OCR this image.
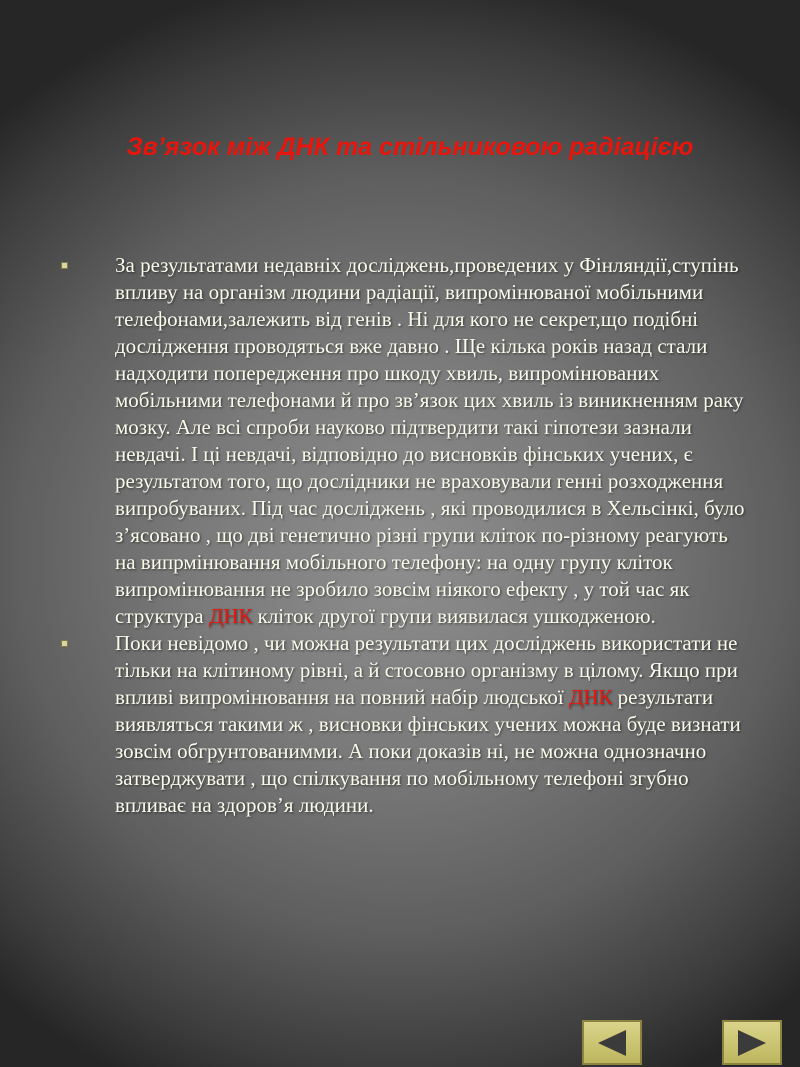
Зв’язок між ДНК та стільниковою радіацією
За результатами недавніх досліджень,проведених у Фінляндії,ступінь впливу на організм людини радіації, випромінюваної мобільними телефонами,залежить від генів . Ні для кого не секрет,що подібні дослідження проводяться вже давно . Ще кілька років назад стали надходити попередження про шкоду хвиль, випромінюваних мобільними телефонами й про зв’язок цих хвиль із виникненням раку мозку. Але всі спроби науково підтвердити такі гіпотези зазнали невдачі. І ці невдачі, відповідно до висновків фінських учених, є результатом того, що дослідники не враховували генні розходження випробуваних. Під час досліджень , які проводилися в Хельсінкі, було з’ясовано , що дві генетично різні групи кліток по-різному реагують на випрмінювання мобільного телефону: на одну групу кліток випромінювання не зробило зовсім ніякого ефекту , у той час як структура ДНК кліток другої групи виявилася ушкодженою.
Поки невідомо , чи можна результати цих досліджень використати не тільки на клітиному рівні, а й стосовно організму в цілому. Якщо при впливі випромінювання на повний набір людської ДНК результати виявляться такими ж , висновки фінських учених можна буде визнати зовсім обгрунтованимми. А поки доказів ні, не можна однозначно затверджувати , що спілкування по мобільному телефоні згубно впливає на здоров’я людини.
